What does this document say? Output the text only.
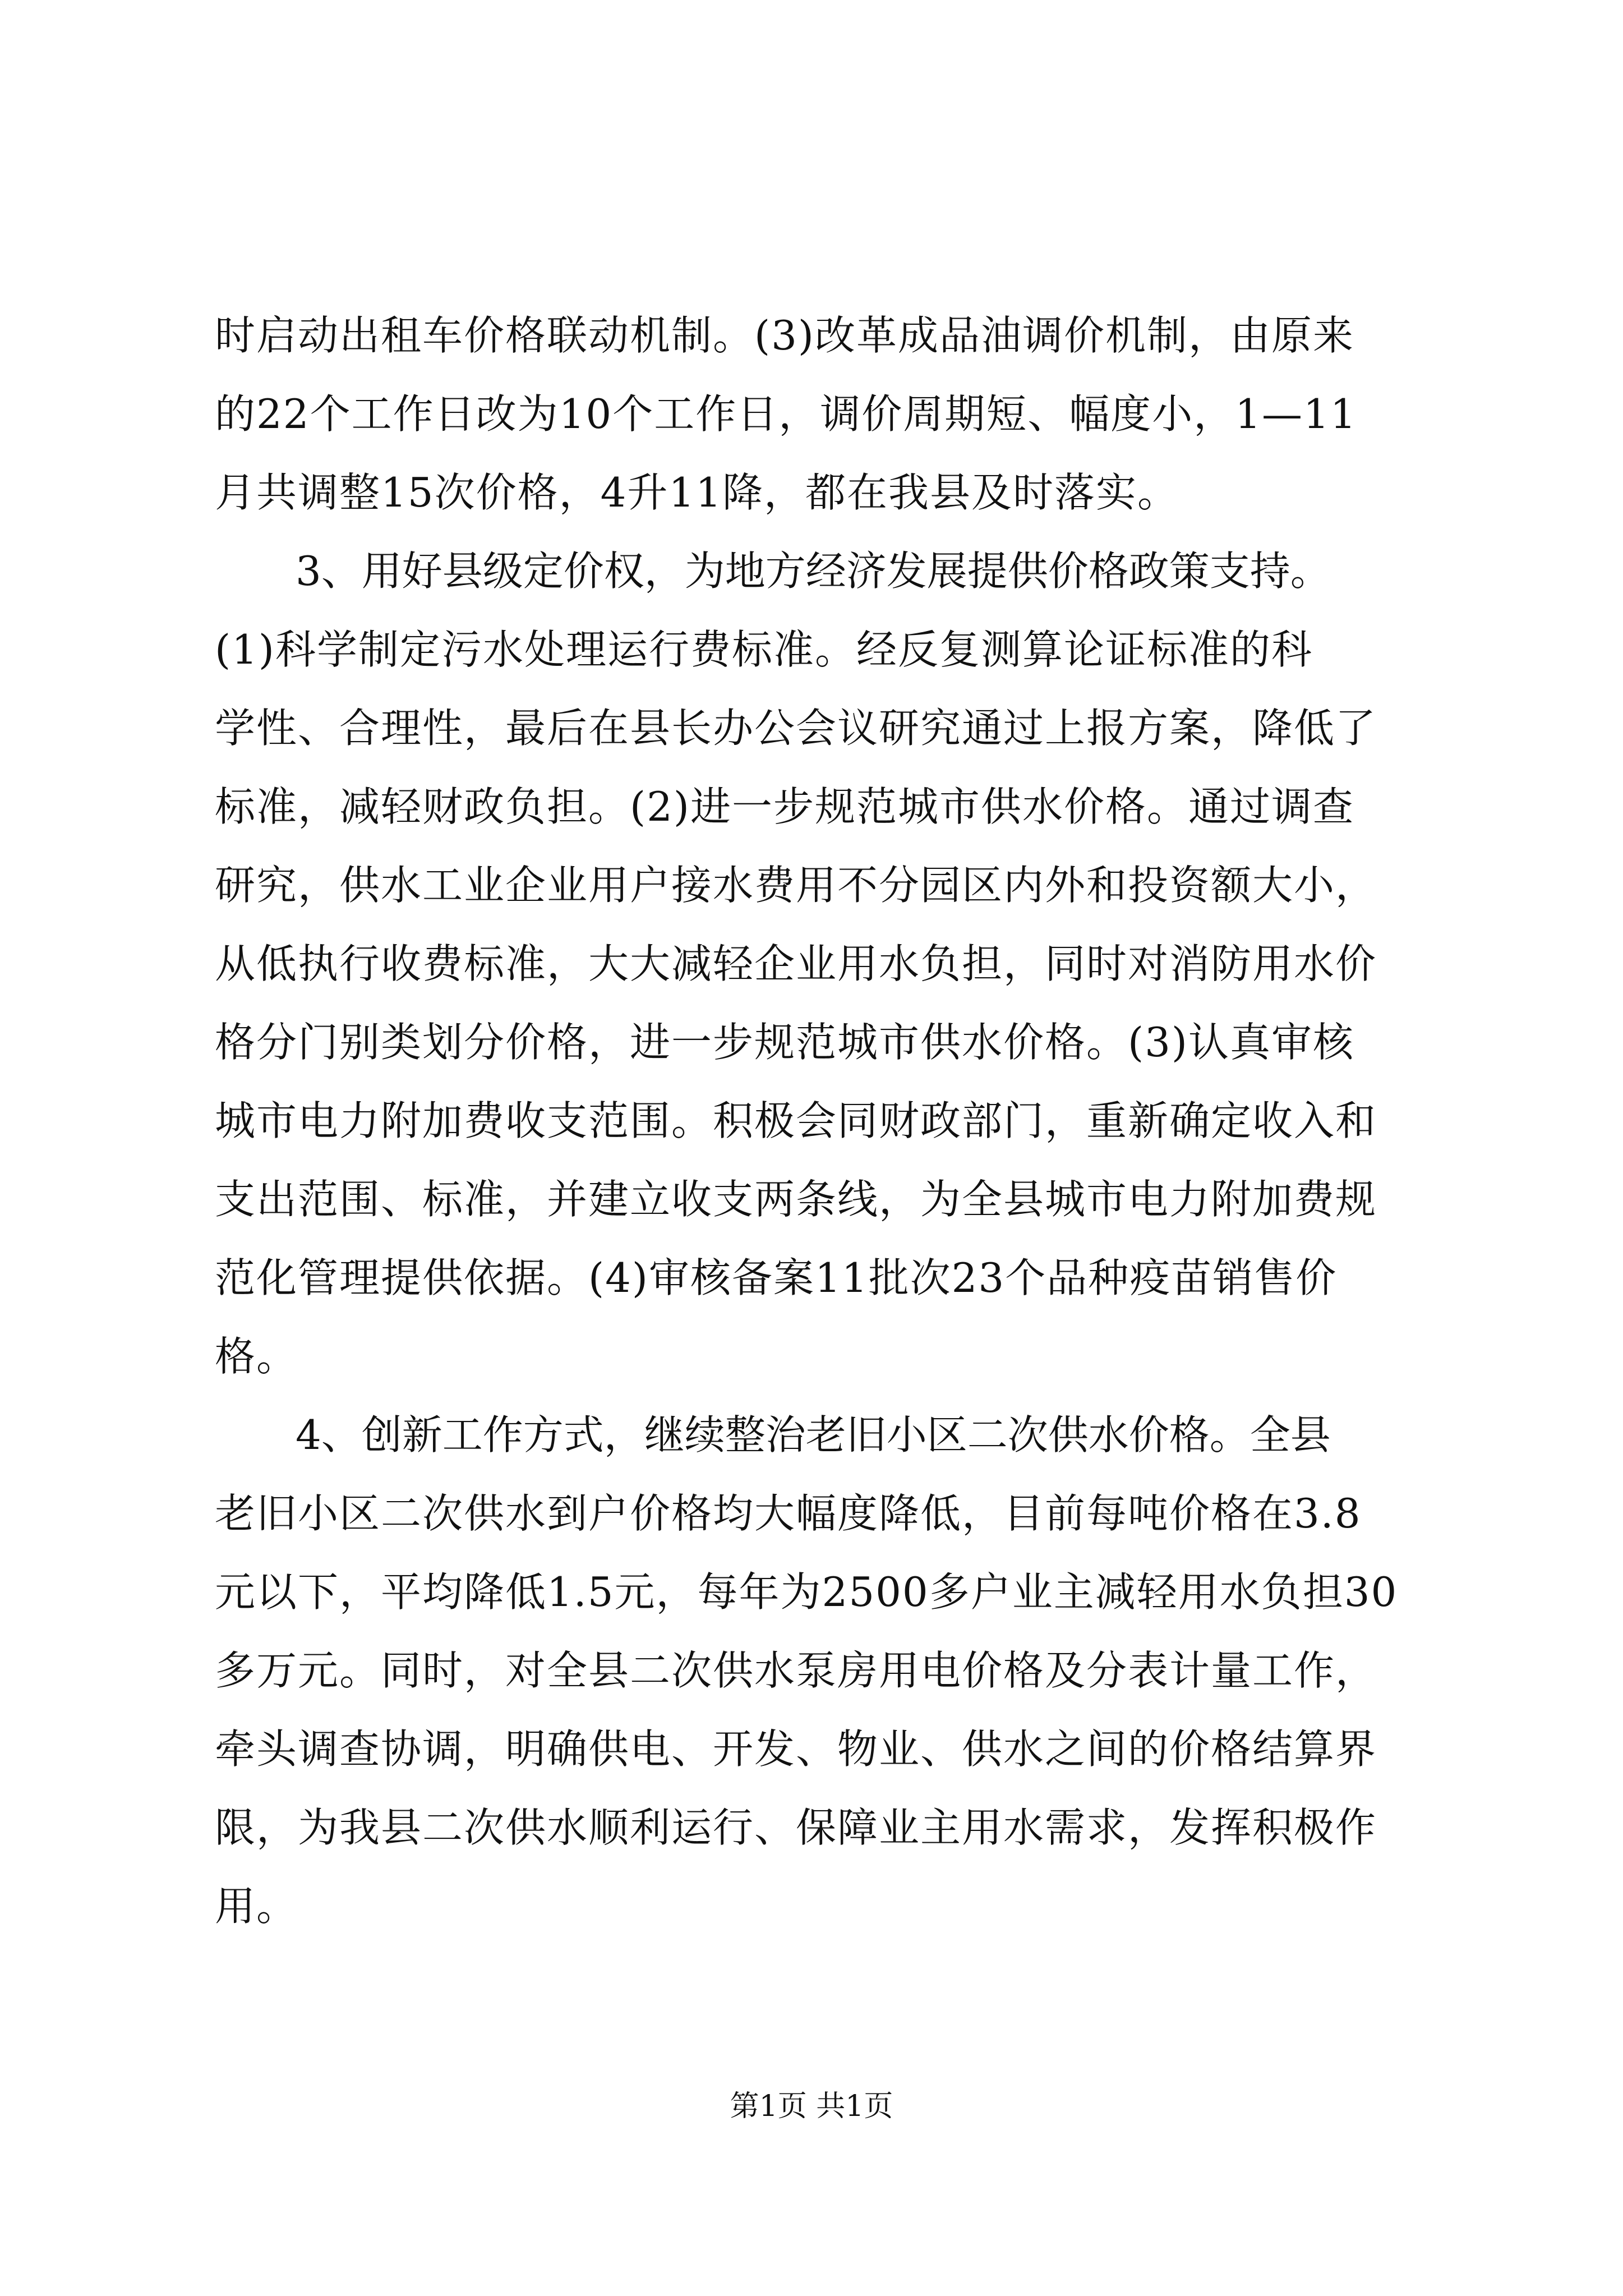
时启动出租车价格联动机制。(3)改革成品油调价机制，由原来
的22个工作日改为10个工作日，调价周期短、幅度小，1—11
月共调整15次价格，4升11降，都在我县及时落实。
3、用好县级定价权，为地方经济发展提供价格政策支持。
(1)科学制定污水处理运行费标准。经反复测算论证标准的科
学性、合理性，最后在县长办公会议研究通过上报方案，降低了
标准，减轻财政负担。(2)进一步规范城市供水价格。通过调查
研究，供水工业企业用户接水费用不分园区内外和投资额大小，
从低执行收费标准，大大减轻企业用水负担，同时对消防用水价
格分门别类划分价格，进一步规范城市供水价格。(3)认真审核
城市电力附加费收支范围。积极会同财政部门，重新确定收入和
支出范围、标准，并建立收支两条线，为全县城市电力附加费规
范化管理提供依据。(4)审核备案11批次23个品种疫苗销售价
格。
4、创新工作方式，继续整治老旧小区二次供水价格。全县
老旧小区二次供水到户价格均大幅度降低，目前每吨价格在3.8
元以下，平均降低1.5元，每年为2500多户业主减轻用水负担30
多万元。同时，对全县二次供水泵房用电价格及分表计量工作，
牵头调查协调，明确供电、开发、物业、供水之间的价格结算界
限，为我县二次供水顺利运行、保障业主用水需求，发挥积极作
用。
第1页 共1页
